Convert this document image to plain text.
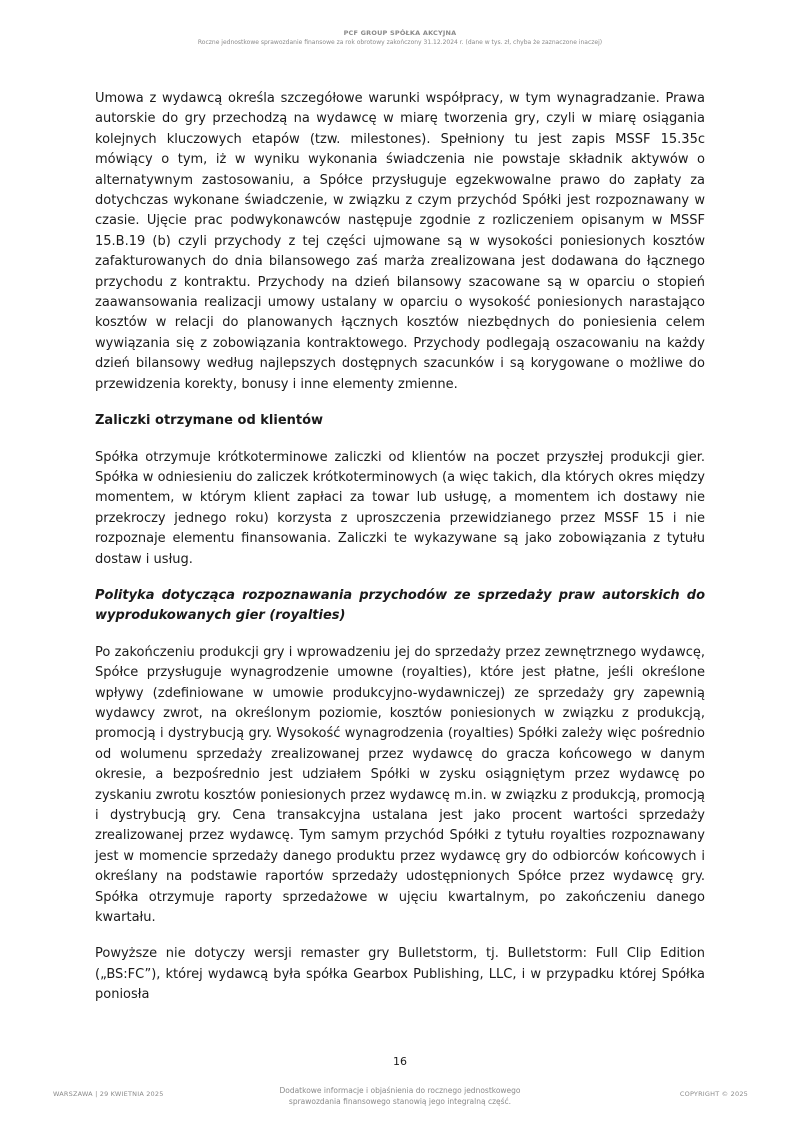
PCF GROUP SPÓŁKA AKCYJNA
Roczne jednostkowe sprawozdanie finansowe za rok obrotowy zakończony 31.12.2024 r. (dane w tys. zł, chyba że zaznaczone inaczej)

Umowa z wydawcą określa szczegółowe warunki współpracy, w tym wynagradzanie. Prawa autorskie do gry przechodzą na wydawcę w miarę tworzenia gry, czyli w miarę osiągania kolejnych kluczowych etapów (tzw. milestones). Spełniony tu jest zapis MSSF 15.35c mówiący o tym, iż w wyniku wykonania świadczenia nie powstaje składnik aktywów o alternatywnym zastosowaniu, a Spółce przysługuje egzekwowalne prawo do zapłaty za dotychczas wykonane świadczenie, w związku z czym przychód Spółki jest rozpoznawany w czasie. Ujęcie prac podwykonawców następuje zgodnie z rozliczeniem opisanym w MSSF 15.B.19 (b) czyli przychody z tej części ujmowane są w wysokości poniesionych kosztów zafakturowanych do dnia bilansowego zaś marża zrealizowana jest dodawana do łącznego przychodu z kontraktu. Przychody na dzień bilansowy szacowane są w oparciu o stopień zaawansowania realizacji umowy ustalany w oparciu o wysokość poniesionych narastająco kosztów w relacji do planowanych łącznych kosztów niezbędnych do poniesienia celem wywiązania się z zobowiązania kontraktowego. Przychody podlegają oszacowaniu na każdy dzień bilansowy według najlepszych dostępnych szacunków i są korygowane o możliwe do przewidzenia korekty, bonusy i inne elementy zmienne.

Zaliczki otrzymane od klientów

Spółka otrzymuje krótkoterminowe zaliczki od klientów na poczet przyszłej produkcji gier. Spółka w odniesieniu do zaliczek krótkoterminowych (a więc takich, dla których okres między momentem, w którym klient zapłaci za towar lub usługę, a momentem ich dostawy nie przekroczy jednego roku) korzysta z uproszczenia przewidzianego przez MSSF 15 i nie rozpoznaje elementu finansowania. Zaliczki te wykazywane są jako zobowiązania z tytułu dostaw i usług.

Polityka dotycząca rozpoznawania przychodów ze sprzedaży praw autorskich do wyprodukowanych gier (royalties)

Po zakończeniu produkcji gry i wprowadzeniu jej do sprzedaży przez zewnętrznego wydawcę, Spółce przysługuje wynagrodzenie umowne (royalties), które jest płatne, jeśli określone wpływy (zdefiniowane w umowie produkcyjno-wydawniczej) ze sprzedaży gry zapewnią wydawcy zwrot, na określonym poziomie, kosztów poniesionych w związku z produkcją, promocją i dystrybucją gry. Wysokość wynagrodzenia (royalties) Spółki zależy więc pośrednio od wolumenu sprzedaży zrealizowanej przez wydawcę do gracza końcowego w danym okresie, a bezpośrednio jest udziałem Spółki w zysku osiągniętym przez wydawcę po zyskaniu zwrotu kosztów poniesionych przez wydawcę m.in. w związku z produkcją, promocją i dystrybucją gry. Cena transakcyjna ustalana jest jako procent wartości sprzedaży zrealizowanej przez wydawcę. Tym samym przychód Spółki z tytułu royalties rozpoznawany jest w momencie sprzedaży danego produktu przez wydawcę gry do odbiorców końcowych i określany na podstawie raportów sprzedaży udostępnionych Spółce przez wydawcę gry. Spółka otrzymuje raporty sprzedażowe w ujęciu kwartalnym, po zakończeniu danego kwartału.

Powyższe nie dotyczy wersji remaster gry Bulletstorm, tj. Bulletstorm: Full Clip Edition („BS:FC”), której wydawcą była spółka Gearbox Publishing, LLC, i w przypadku której Spółka poniosła

16
WARSZAWA | 29 KWIETNIA 2025	Dodatkowe informacje i objaśnienia do rocznego jednostkowego
sprawozdania finansowego stanowią jego integralną część.
COPYRIGHT © 2025
